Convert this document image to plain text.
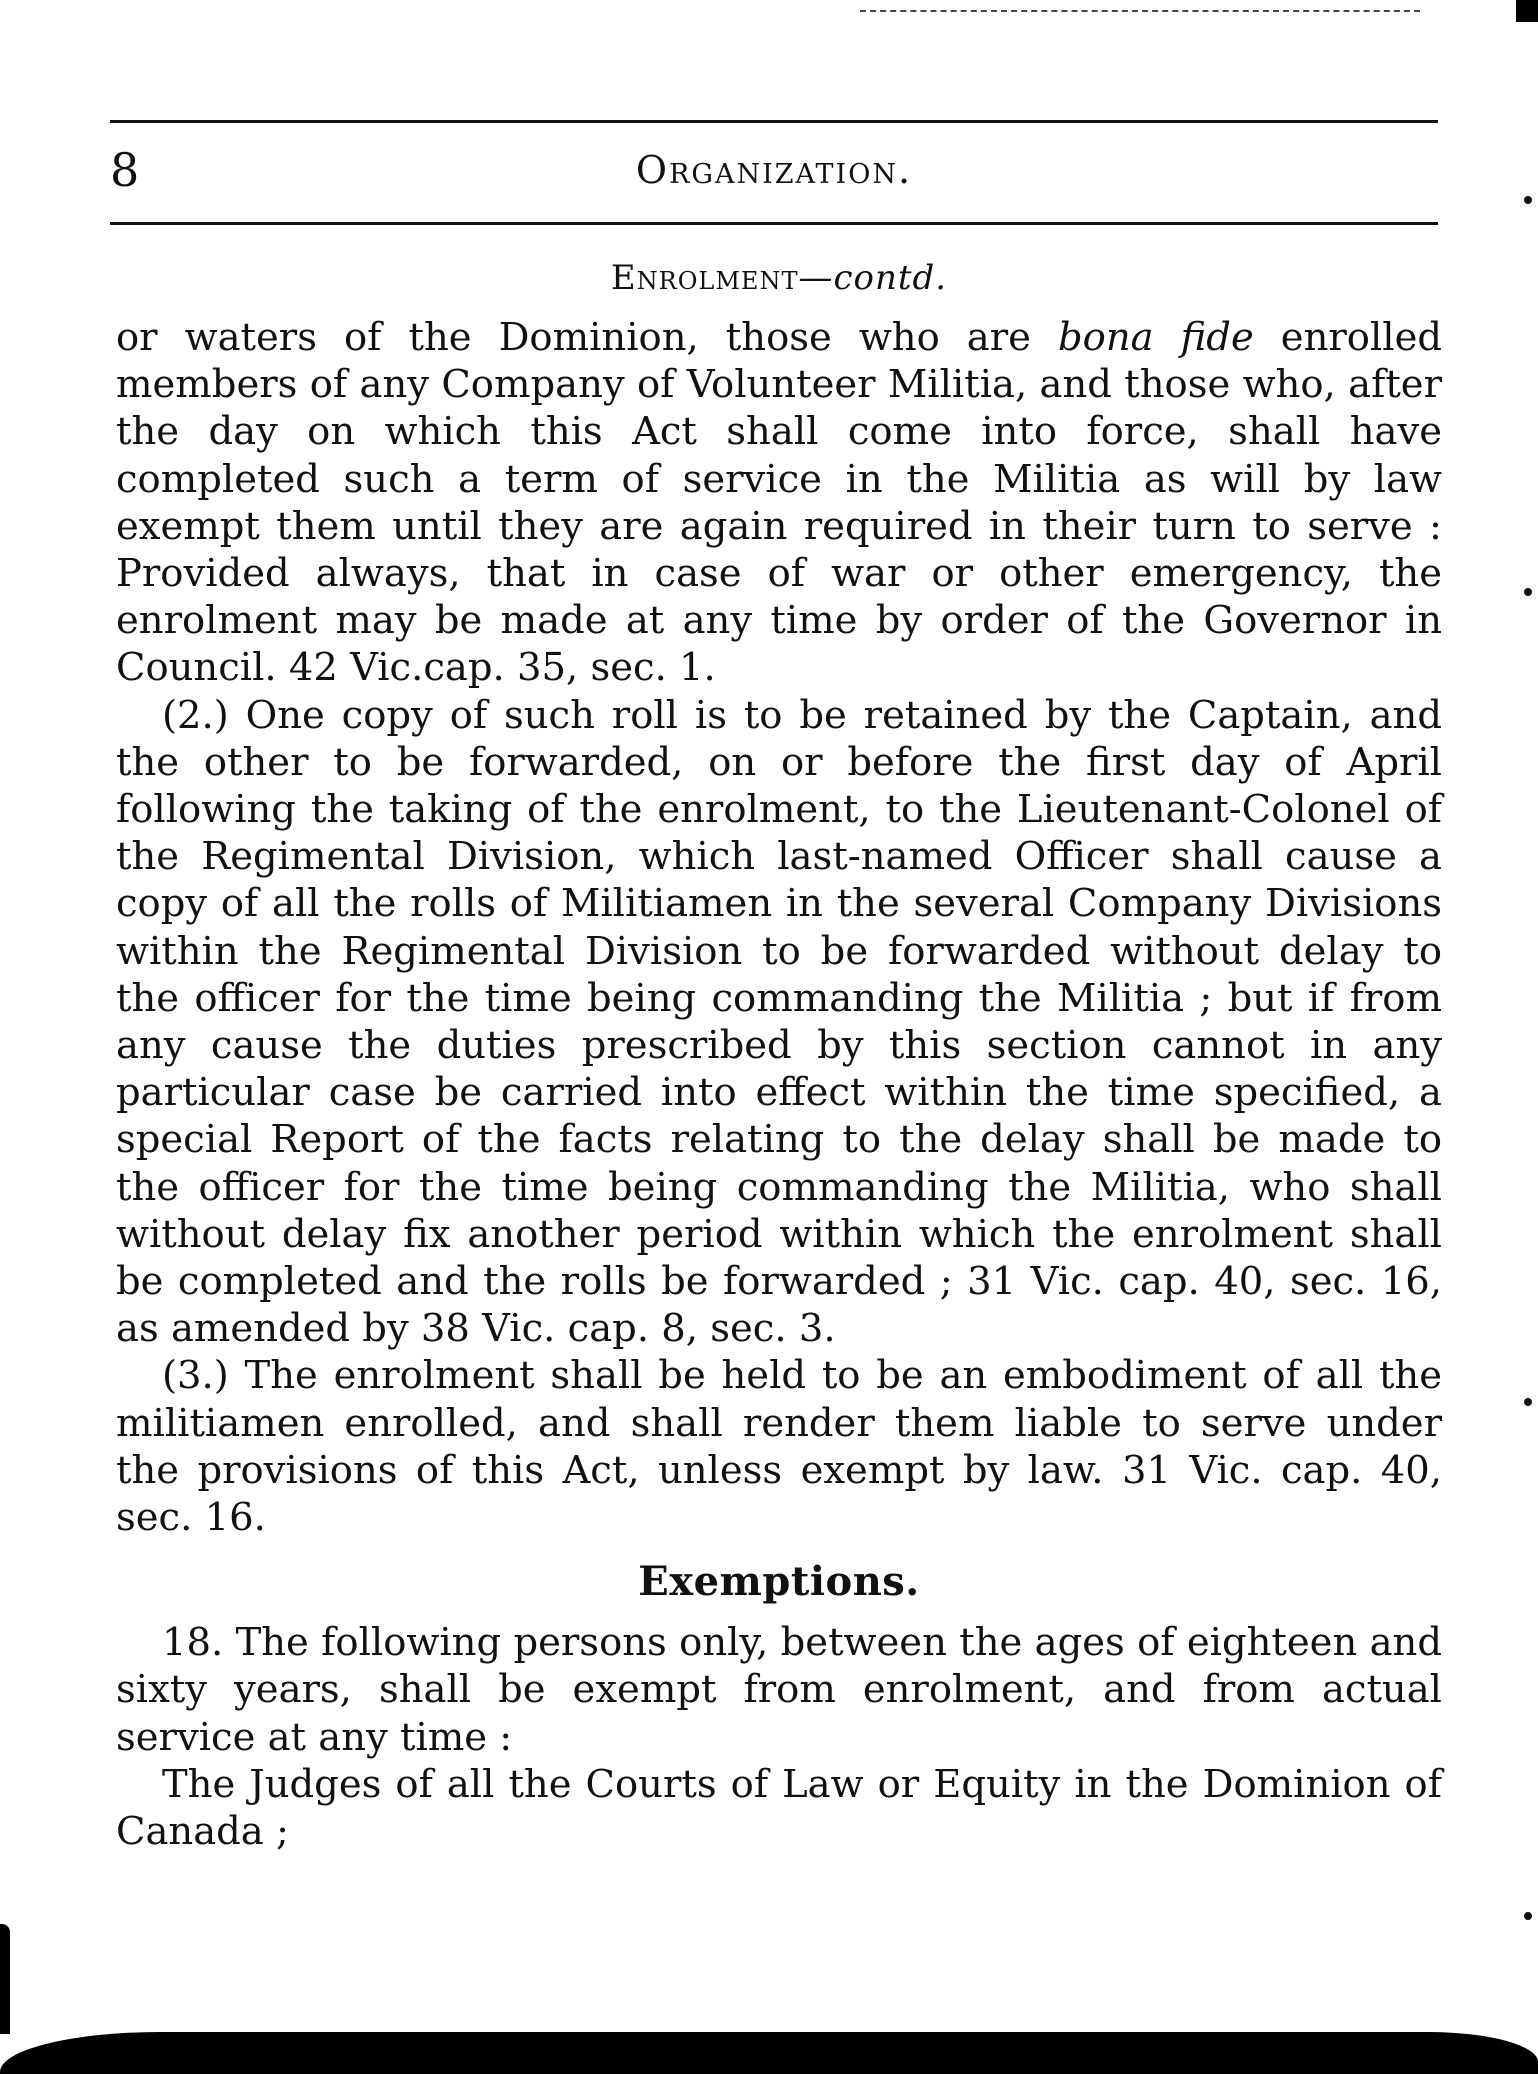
8	Organization.
Enrolment—contd.

or waters of the Dominion, those who are bona fide enrolled members of any Company of Volunteer Militia, and those who, after the day on which this Act shall come into force, shall have completed such a term of service in the Militia as will by law exempt them until they are again required in their turn to serve : Provided always, that in case of war or other emergency, the enrolment may be made at any time by order of the Governor in Council. 42 Vic.cap. 35, sec. 1.

(2.) One copy of such roll is to be retained by the Captain, and the other to be forwarded, on or before the first day of April following the taking of the enrolment, to the Lieutenant-Colonel of the Regimental Division, which last-named Officer shall cause a copy of all the rolls of Militiamen in the several Company Divisions within the Regimental Division to be forwarded without delay to the officer for the time being commanding the Militia ; but if from any cause the duties prescribed by this section cannot in any particular case be carried into effect within the time specified, a special Report of the facts relating to the delay shall be made to the officer for the time being commanding the Militia, who shall without delay fix another period within which the enrolment shall be completed and the rolls be forwarded ; 31 Vic. cap. 40, sec. 16, as amended by 38 Vic. cap. 8, sec. 3.

(3.) The enrolment shall be held to be an embodiment of all the militiamen enrolled, and shall render them liable to serve under the provisions of this Act, unless exempt by law. 31 Vic. cap. 40, sec. 16.

Exemptions.

18. The following persons only, between the ages of eighteen and sixty years, shall be exempt from enrolment, and from actual service at any time :

The Judges of all the Courts of Law or Equity in the Dominion of Canada ;
